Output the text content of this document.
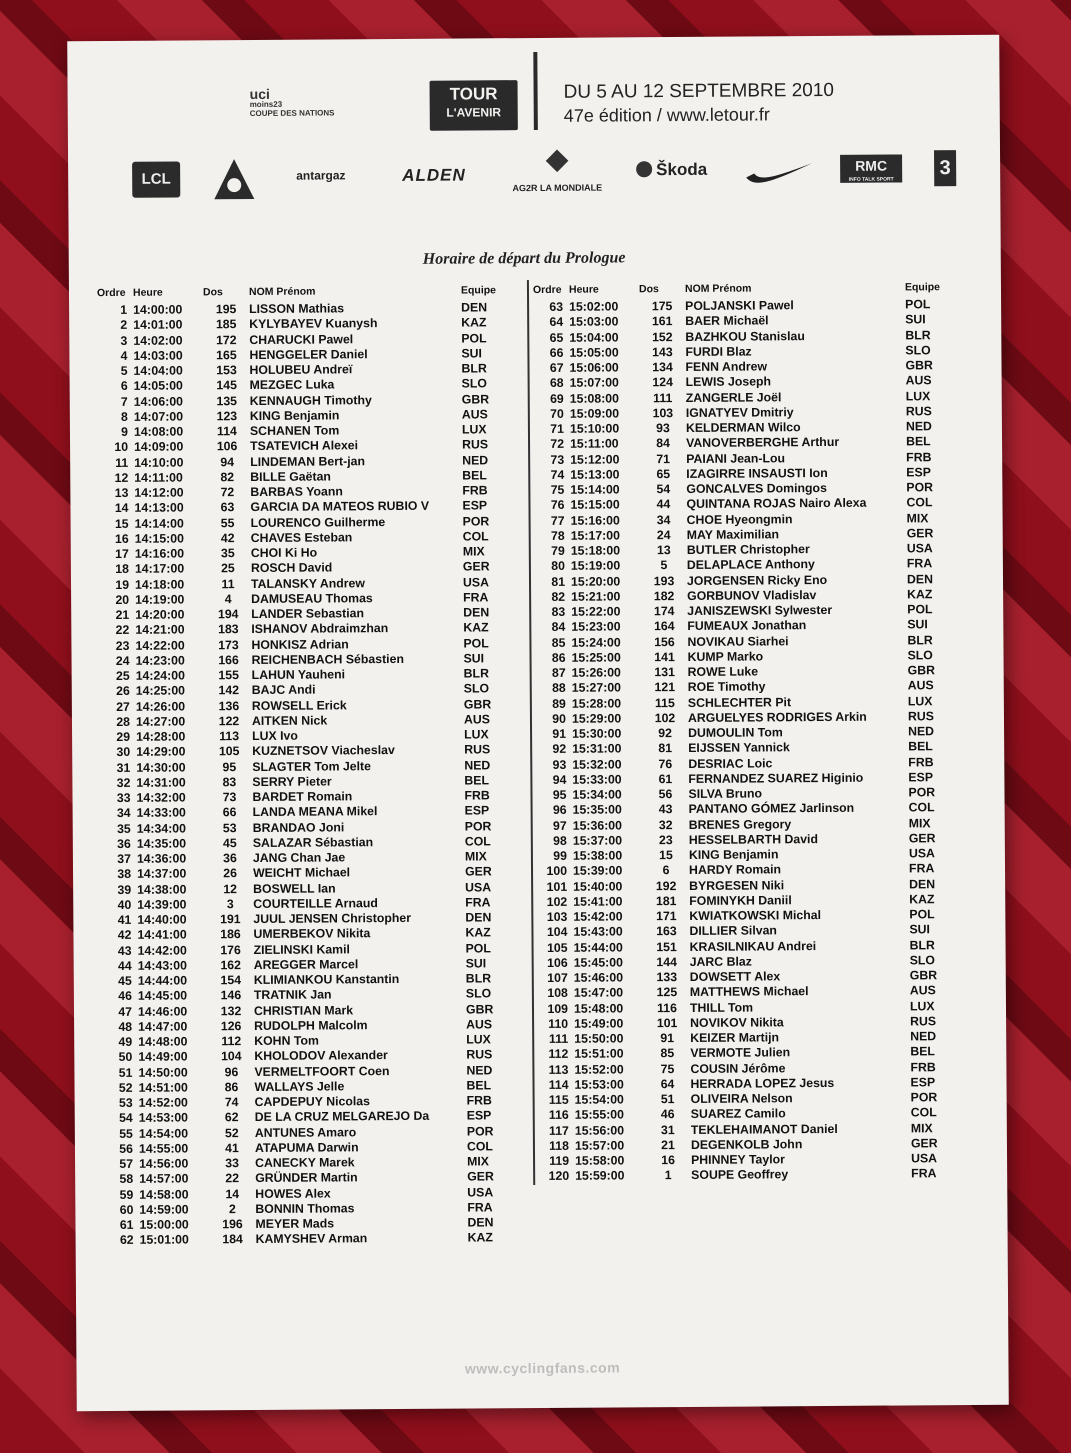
uci
moins23
COUPE DES NATIONS
TOUR
L'AVENIR
DU 5 AU 12 SEPTEMBRE 2010
47e édition / www.letour.fr
LCL	antargaz	ALDEN
AG2R LA MONDIALE
Škoda	RMC
INFO TALK SPORT
3
Horaire de départ du Prologue
Ordre Heure	Dos	NOM Prénom	Equipe
1 14:00:00	195	LISSON Mathias	DEN
2 14:01:00	185	KYLYBAYEV Kuanysh	KAZ
3 14:02:00	172	CHARUCKI Pawel	POL
4 14:03:00	165	HENGGELER Daniel	SUI
5 14:04:00	153	HOLUBEU Andreï	BLR
6 14:05:00	145	MEZGEC Luka	SLO
7 14:06:00	135	KENNAUGH Timothy	GBR
8 14:07:00	123	KING Benjamin	AUS
9 14:08:00	114	SCHANEN Tom	LUX
10 14:09:00	106	TSATEVICH Alexei	RUS
11 14:10:00	94	LINDEMAN Bert-jan	NED
12 14:11:00	82	BILLE Gaëtan	BEL
13 14:12:00	72	BARBAS Yoann	FRB
14 14:13:00	63	GARCIA DA MATEOS RUBIO V	ESP
15 14:14:00	55	LOURENCO Guilherme	POR
16 14:15:00	42	CHAVES Esteban	COL
17 14:16:00	35	CHOI Ki Ho	MIX
18 14:17:00	25	ROSCH David	GER
19 14:18:00	11	TALANSKY Andrew	USA
20 14:19:00	4	DAMUSEAU Thomas	FRA
21 14:20:00	194	LANDER Sebastian	DEN
22 14:21:00	183	ISHANOV Abdraimzhan	KAZ
23 14:22:00	173	HONKISZ Adrian	POL
24 14:23:00	166	REICHENBACH Sébastien	SUI
25 14:24:00	155	LAHUN Yauheni	BLR
26 14:25:00	142	BAJC Andi	SLO
27 14:26:00	136	ROWSELL Erick	GBR
28 14:27:00	122	AITKEN Nick	AUS
29 14:28:00	113	LUX Ivo	LUX
30 14:29:00	105	KUZNETSOV Viacheslav	RUS
31 14:30:00	95	SLAGTER Tom Jelte	NED
32 14:31:00	83	SERRY Pieter	BEL
33 14:32:00	73	BARDET Romain	FRB
34 14:33:00	66	LANDA MEANA Mikel	ESP
35 14:34:00	53	BRANDAO Joni	POR
36 14:35:00	45	SALAZAR Sébastian	COL
37 14:36:00	36	JANG Chan Jae	MIX
38 14:37:00	26	WEICHT Michael	GER
39 14:38:00	12	BOSWELL Ian	USA
40 14:39:00	3	COURTEILLE Arnaud	FRA
41 14:40:00	191	JUUL JENSEN Christopher	DEN
42 14:41:00	186	UMERBEKOV Nikita	KAZ
43 14:42:00	176	ZIELINSKI Kamil	POL
44 14:43:00	162	AREGGER Marcel	SUI
45 14:44:00	154	KLIMIANKOU Kanstantin	BLR
46 14:45:00	146	TRATNIK Jan	SLO
47 14:46:00	132	CHRISTIAN Mark	GBR
48 14:47:00	126	RUDOLPH Malcolm	AUS
49 14:48:00	112	KOHN Tom	LUX
50 14:49:00	104	KHOLODOV Alexander	RUS
51 14:50:00	96	VERMELTFOORT Coen	NED
52 14:51:00	86	WALLAYS Jelle	BEL
53 14:52:00	74	CAPDEPUY Nicolas	FRB
54 14:53:00	62	DE LA CRUZ MELGAREJO Da	ESP
55 14:54:00	52	ANTUNES Amaro	POR
56 14:55:00	41	ATAPUMA Darwin	COL
57 14:56:00	33	CANECKY Marek	MIX
58 14:57:00	22	GRÜNDER Martin	GER
59 14:58:00	14	HOWES Alex	USA
60 14:59:00	2	BONNIN Thomas	FRA
61 15:00:00	196	MEYER Mads	DEN
62 15:01:00	184	KAMYSHEV Arman	KAZ
Ordre Heure	Dos	NOM Prénom	Equipe
63 15:02:00	175	POLJANSKI Pawel	POL
64 15:03:00	161	BAER Michaël	SUI
65 15:04:00	152	BAZHKOU Stanislau	BLR
66 15:05:00	143	FURDI Blaz	SLO
67 15:06:00	134	FENN Andrew	GBR
68 15:07:00	124	LEWIS Joseph	AUS
69 15:08:00	111	ZANGERLE Joël	LUX
70 15:09:00	103	IGNATYEV Dmitriy	RUS
71 15:10:00	93	KELDERMAN Wilco	NED
72 15:11:00	84	VANOVERBERGHE Arthur	BEL
73 15:12:00	71	PAIANI Jean-Lou	FRB
74 15:13:00	65	IZAGIRRE INSAUSTI Ion	ESP
75 15:14:00	54	GONCALVES Domingos	POR
76 15:15:00	44	QUINTANA ROJAS Nairo Alexa	COL
77 15:16:00	34	CHOE Hyeongmin	MIX
78 15:17:00	24	MAY Maximilian	GER
79 15:18:00	13	BUTLER Christopher	USA
80 15:19:00	5	DELAPLACE Anthony	FRA
81 15:20:00	193	JORGENSEN Ricky Eno	DEN
82 15:21:00	182	GORBUNOV Vladislav	KAZ
83 15:22:00	174	JANISZEWSKI Sylwester	POL
84 15:23:00	164	FUMEAUX Jonathan	SUI
85 15:24:00	156	NOVIKAU Siarhei	BLR
86 15:25:00	141	KUMP Marko	SLO
87 15:26:00	131	ROWE Luke	GBR
88 15:27:00	121	ROE Timothy	AUS
89 15:28:00	115	SCHLECHTER Pit	LUX
90 15:29:00	102	ARGUELYES RODRIGES Arkin	RUS
91 15:30:00	92	DUMOULIN Tom	NED
92 15:31:00	81	EIJSSEN Yannick	BEL
93 15:32:00	76	DESRIAC Loic	FRB
94 15:33:00	61	FERNANDEZ SUAREZ Higinio	ESP
95 15:34:00	56	SILVA Bruno	POR
96 15:35:00	43	PANTANO GÓMEZ Jarlinson	COL
97 15:36:00	32	BRENES Gregory	MIX
98 15:37:00	23	HESSELBARTH David	GER
99 15:38:00	15	KING Benjamin	USA
100 15:39:00	6	HARDY Romain	FRA
101 15:40:00	192	BYRGESEN Niki	DEN
102 15:41:00	181	FOMINYKH Daniil	KAZ
103 15:42:00	171	KWIATKOWSKI Michal	POL
104 15:43:00	163	DILLIER Silvan	SUI
105 15:44:00	151	KRASILNIKAU Andrei	BLR
106 15:45:00	144	JARC Blaz	SLO
107 15:46:00	133	DOWSETT Alex	GBR
108 15:47:00	125	MATTHEWS Michael	AUS
109 15:48:00	116	THILL Tom	LUX
110 15:49:00	101	NOVIKOV Nikita	RUS
111 15:50:00	91	KEIZER Martijn	NED
112 15:51:00	85	VERMOTE Julien	BEL
113 15:52:00	75	COUSIN Jérôme	FRB
114 15:53:00	64	HERRADA LOPEZ Jesus	ESP
115 15:54:00	51	OLIVEIRA Nelson	POR
116 15:55:00	46	SUAREZ Camilo	COL
117 15:56:00	31	TEKLEHAIMANOT Daniel	MIX
118 15:57:00	21	DEGENKOLB John	GER
119 15:58:00	16	PHINNEY Taylor	USA
120 15:59:00	1	SOUPE Geoffrey	FRA
www.cyclingfans.com
